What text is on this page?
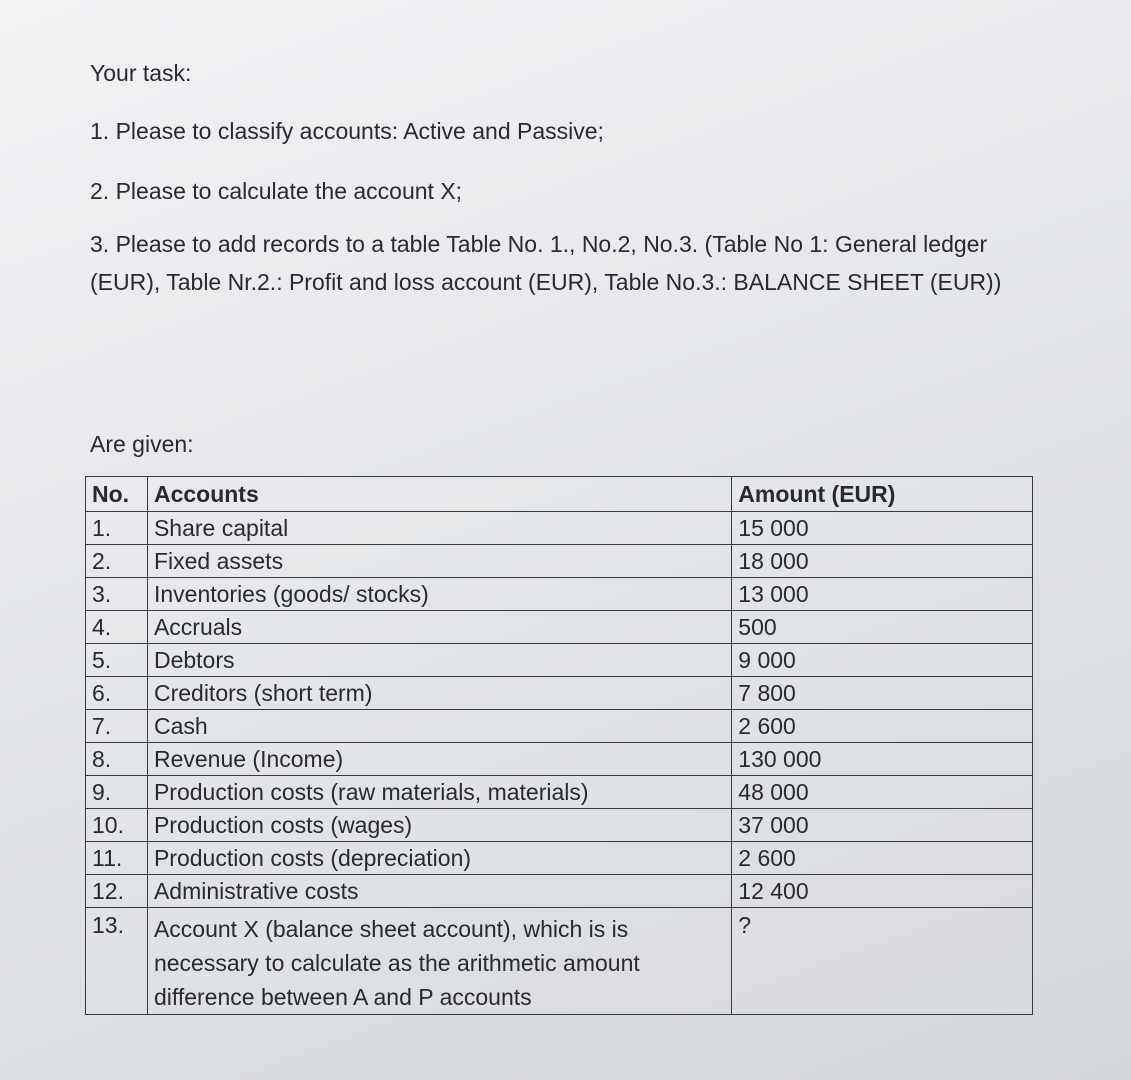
Your task:
1. Please to classify accounts: Active and Passive;
2. Please to calculate the account X;
3. Please to add records to a table Table No. 1., No.2, No.3. (Table No 1: General ledger (EUR), Table Nr.2.: Profit and loss account (EUR), Table No.3.: BALANCE SHEET (EUR))
Are given:
No.	Accounts	Amount (EUR)
1.	Share capital	15 000
2.	Fixed assets	18 000
3.	Inventories (goods/ stocks)	13 000
4.	Accruals	500
5.	Debtors	9 000
6.	Creditors (short term)	7 800
7.	Cash	2 600
8.	Revenue (Income)	130 000
9.	Production costs (raw materials, materials)	48 000
10.	Production costs (wages)	37 000
11.	Production costs (depreciation)	2 600
12.	Administrative costs	12 400
13.	Account X (balance sheet account), which is is necessary to calculate as the arithmetic amount difference between A and P accounts	?
